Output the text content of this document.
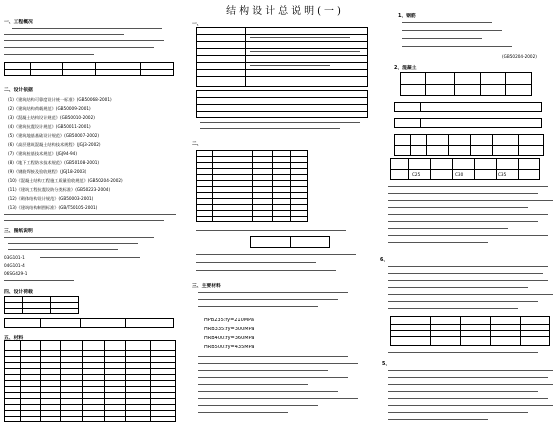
结构设计总说明(一)
一、工程概况
二、设计依据
(1)《建筑结构可靠度设计统一标准》(GB50068-2001)
(2)《建筑结构荷载规范》(GB50009-2001)
(3)《混凝土结构设计规范》(GB50010-2002)
(4)《建筑抗震设计规范》(GB50011-2001)
(5)《建筑地基基础设计规范》(GB50007-2002)
(6)《高层建筑混凝土结构技术规程》(JGJ3-2002)
(7)《建筑桩基技术规范》(JGJ94-94)
(8)《地下工程防水技术规范》(GB50108-2001)
(9)《钢筋焊接及验收规程》(JGJ18-2003)
(10)《混凝土结构工程施工质量验收规范》(GB50204-2002)
(11)《建筑工程抗震设防分类标准》(GB50223-2004)
(12)《砌体结构设计规范》(GB50003-2001)
(13)《建筑结构制图标准》(GB/T50105-2001)
三、图纸说明
03G101-1
04G101-4
06SG429-1
四、设计荷载
五、材料
一、
二、
三、主要材料
HPB235:fy=210MPa
HRB335:fy=300MPa
HRB400:fy=360MPa
HRB500:fy=435MPa
1、钢筋
(GB50204-2002)
2、混凝土
C25	C30	C35
6、
5、
